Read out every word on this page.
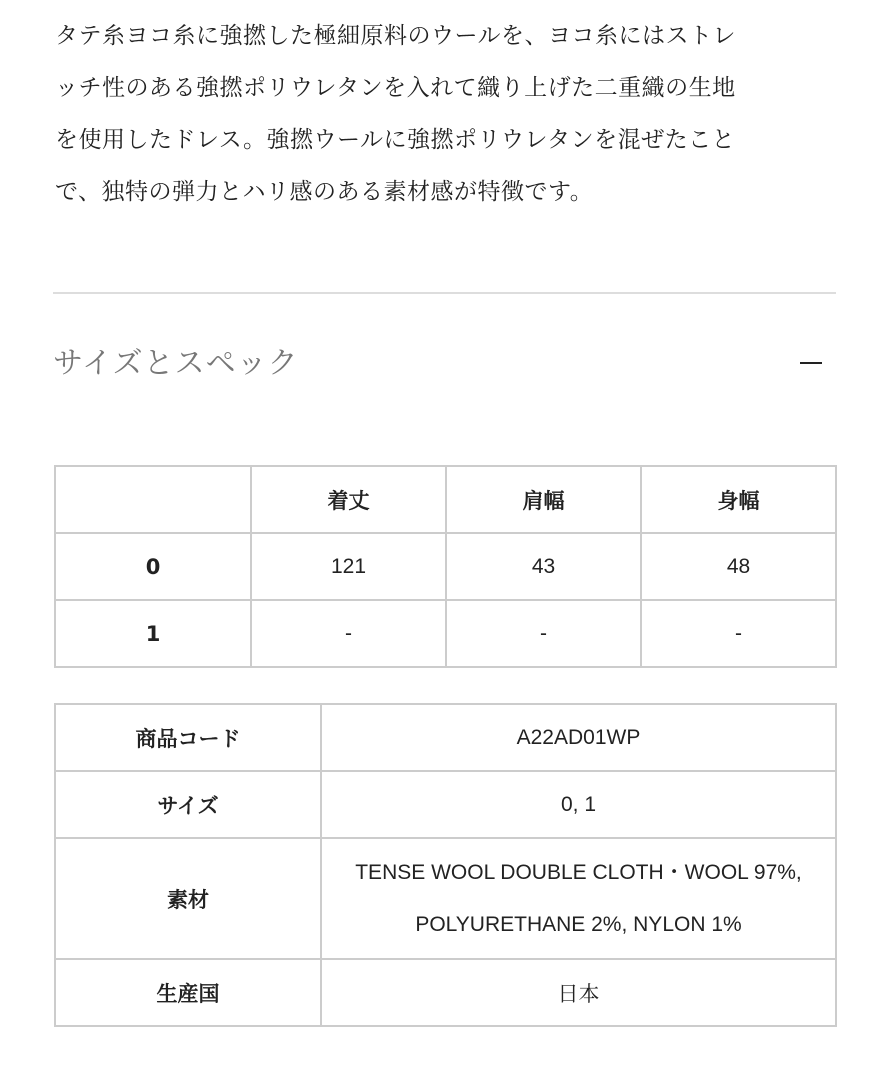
タテ糸ヨコ糸に強撚した極細原料のウールを、ヨコ糸にはストレ
ッチ性のある強撚ポリウレタンを入れて織り上げた二重織の生地
を使用したドレス。強撚ウールに強撚ポリウレタンを混ぜたこと
で、独特の弾力とハリ感のある素材感が特徴です。
サイズとスペック
	着丈	肩幅	身幅
0	121	43	48
1	-	-	-
商品コード	A22AD01WP
サイズ	0, 1
素材	TENSE WOOL DOUBLE CLOTH・WOOL 97%,
POLYURETHANE 2%, NYLON 1%

生産国	日本
